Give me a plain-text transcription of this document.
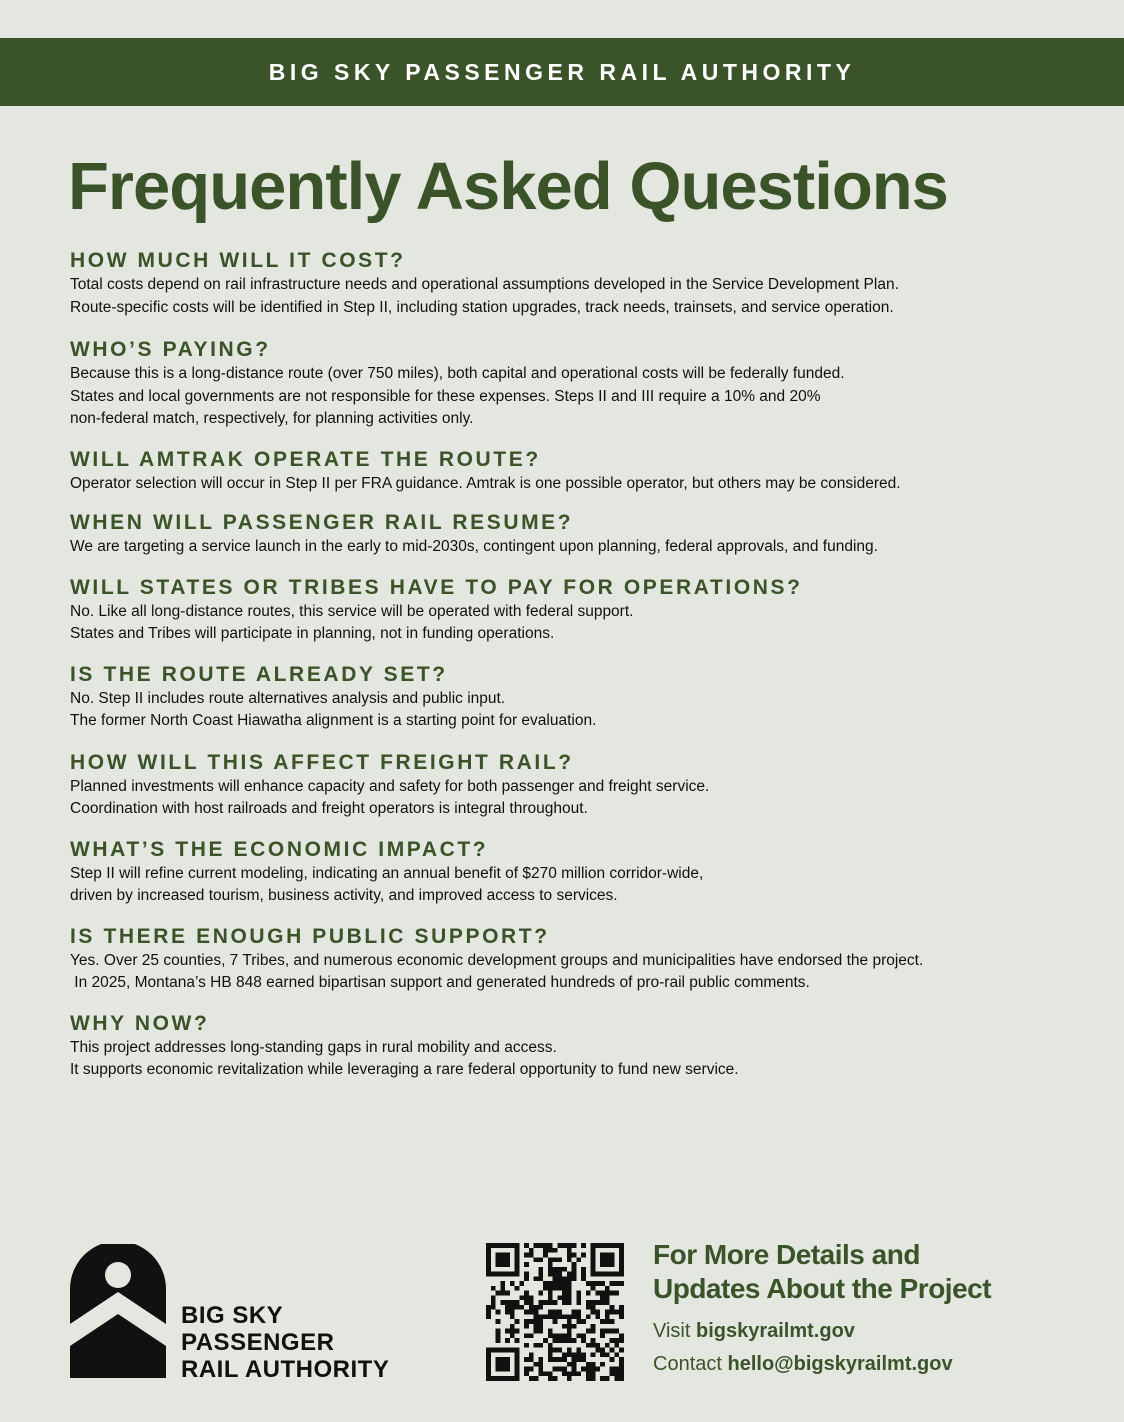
BIG SKY PASSENGER RAIL AUTHORITY
Frequently Asked Questions
HOW MUCH WILL IT COST?

Total costs depend on rail infrastructure needs and operational assumptions developed in the Service Development Plan.

Route-specific costs will be identified in Step II, including station upgrades, track needs, trainsets, and service operation.

WHO’S PAYING?

Because this is a long-distance route (over 750 miles), both capital and operational costs will be federally funded.

States and local governments are not responsible for these expenses. Steps II and III require a 10% and 20%

non-federal match, respectively, for planning activities only.

WILL AMTRAK OPERATE THE ROUTE?

Operator selection will occur in Step II per FRA guidance. Amtrak is one possible operator, but others may be considered.

WHEN WILL PASSENGER RAIL RESUME?

We are targeting a service launch in the early to mid-2030s, contingent upon planning, federal approvals, and funding.

WILL STATES OR TRIBES HAVE TO PAY FOR OPERATIONS?

No. Like all long-distance routes, this service will be operated with federal support.

States and Tribes will participate in planning, not in funding operations.

IS THE ROUTE ALREADY SET?

No. Step II includes route alternatives analysis and public input.

The former North Coast Hiawatha alignment is a starting point for evaluation.

HOW WILL THIS AFFECT FREIGHT RAIL?

Planned investments will enhance capacity and safety for both passenger and freight service.

Coordination with host railroads and freight operators is integral throughout.

WHAT’S THE ECONOMIC IMPACT?

Step II will refine current modeling, indicating an annual benefit of $270 million corridor-wide,

driven by increased tourism, business activity, and improved access to services.

IS THERE ENOUGH PUBLIC SUPPORT?

Yes. Over 25 counties, 7 Tribes, and numerous economic development groups and municipalities have endorsed the project.

In 2025, Montana’s HB 848 earned bipartisan support and generated hundreds of pro-rail public comments.

WHY NOW?

This project addresses long-standing gaps in rural mobility and access.

It supports economic revitalization while leveraging a rare federal opportunity to fund new service.

BIG SKY
PASSENGER
RAIL AUTHORITY
For More Details and
Updates About the Project
Visit bigskyrailmt.gov
Contact hello@bigskyrailmt.gov
